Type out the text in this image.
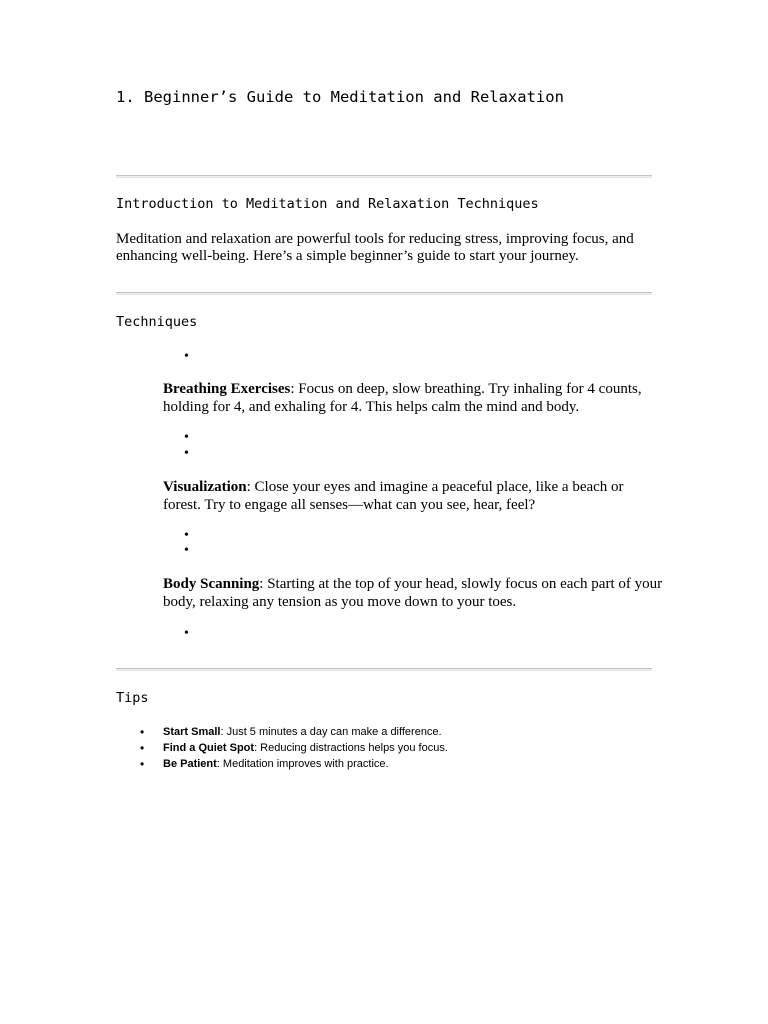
1. Beginner’s Guide to Meditation and Relaxation
Introduction to Meditation and Relaxation Techniques
Meditation and relaxation are powerful tools for reducing stress, improving focus, and enhancing well-being. Here’s a simple beginner’s guide to start your journey.
Techniques
•
Breathing Exercises: Focus on deep, slow breathing. Try inhaling for 4 counts, holding for 4, and exhaling for 4. This helps calm the mind and body.
•
•
Visualization: Close your eyes and imagine a peaceful place, like a beach or forest. Try to engage all senses—what can you see, hear, feel?
•
•
Body Scanning: Starting at the top of your head, slowly focus on each part of your body, relaxing any tension as you move down to your toes.
•
Tips
• Start Small: Just 5 minutes a day can make a difference.
• Find a Quiet Spot: Reducing distractions helps you focus.
• Be Patient: Meditation improves with practice.
